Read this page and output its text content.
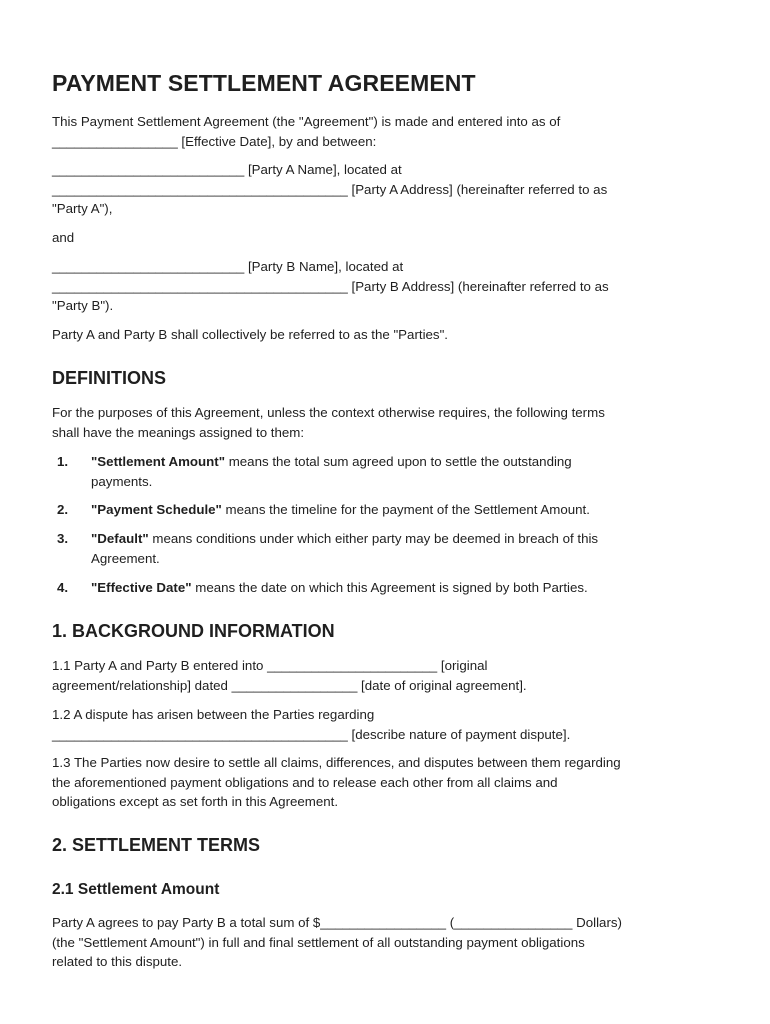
PAYMENT SETTLEMENT AGREEMENT

This Payment Settlement Agreement (the "Agreement") is made and entered into as of
_________________ [Effective Date], by and between:

__________________________ [Party A Name], located at
________________________________________ [Party A Address] (hereinafter referred to as
"Party A"),

and

__________________________ [Party B Name], located at
________________________________________ [Party B Address] (hereinafter referred to as
"Party B").

Party A and Party B shall collectively be referred to as the "Parties".

DEFINITIONS

For the purposes of this Agreement, unless the context otherwise requires, the following terms
shall have the meanings assigned to them:

1. "Settlement Amount" means the total sum agreed upon to settle the outstanding
payments.
2. "Payment Schedule" means the timeline for the payment of the Settlement Amount.
3. "Default" means conditions under which either party may be deemed in breach of this
Agreement.
4. "Effective Date" means the date on which this Agreement is signed by both Parties.
1. BACKGROUND INFORMATION

1.1 Party A and Party B entered into _______________________ [original
agreement/relationship] dated _________________ [date of original agreement].

1.2 A dispute has arisen between the Parties regarding
________________________________________ [describe nature of payment dispute].

1.3 The Parties now desire to settle all claims, differences, and disputes between them regarding
the aforementioned payment obligations and to release each other from all claims and
obligations except as set forth in this Agreement.

2. SETTLEMENT TERMS
2.1 Settlement Amount

Party A agrees to pay Party B a total sum of $_________________ (________________ Dollars)
(the "Settlement Amount") in full and final settlement of all outstanding payment obligations
related to this dispute.
